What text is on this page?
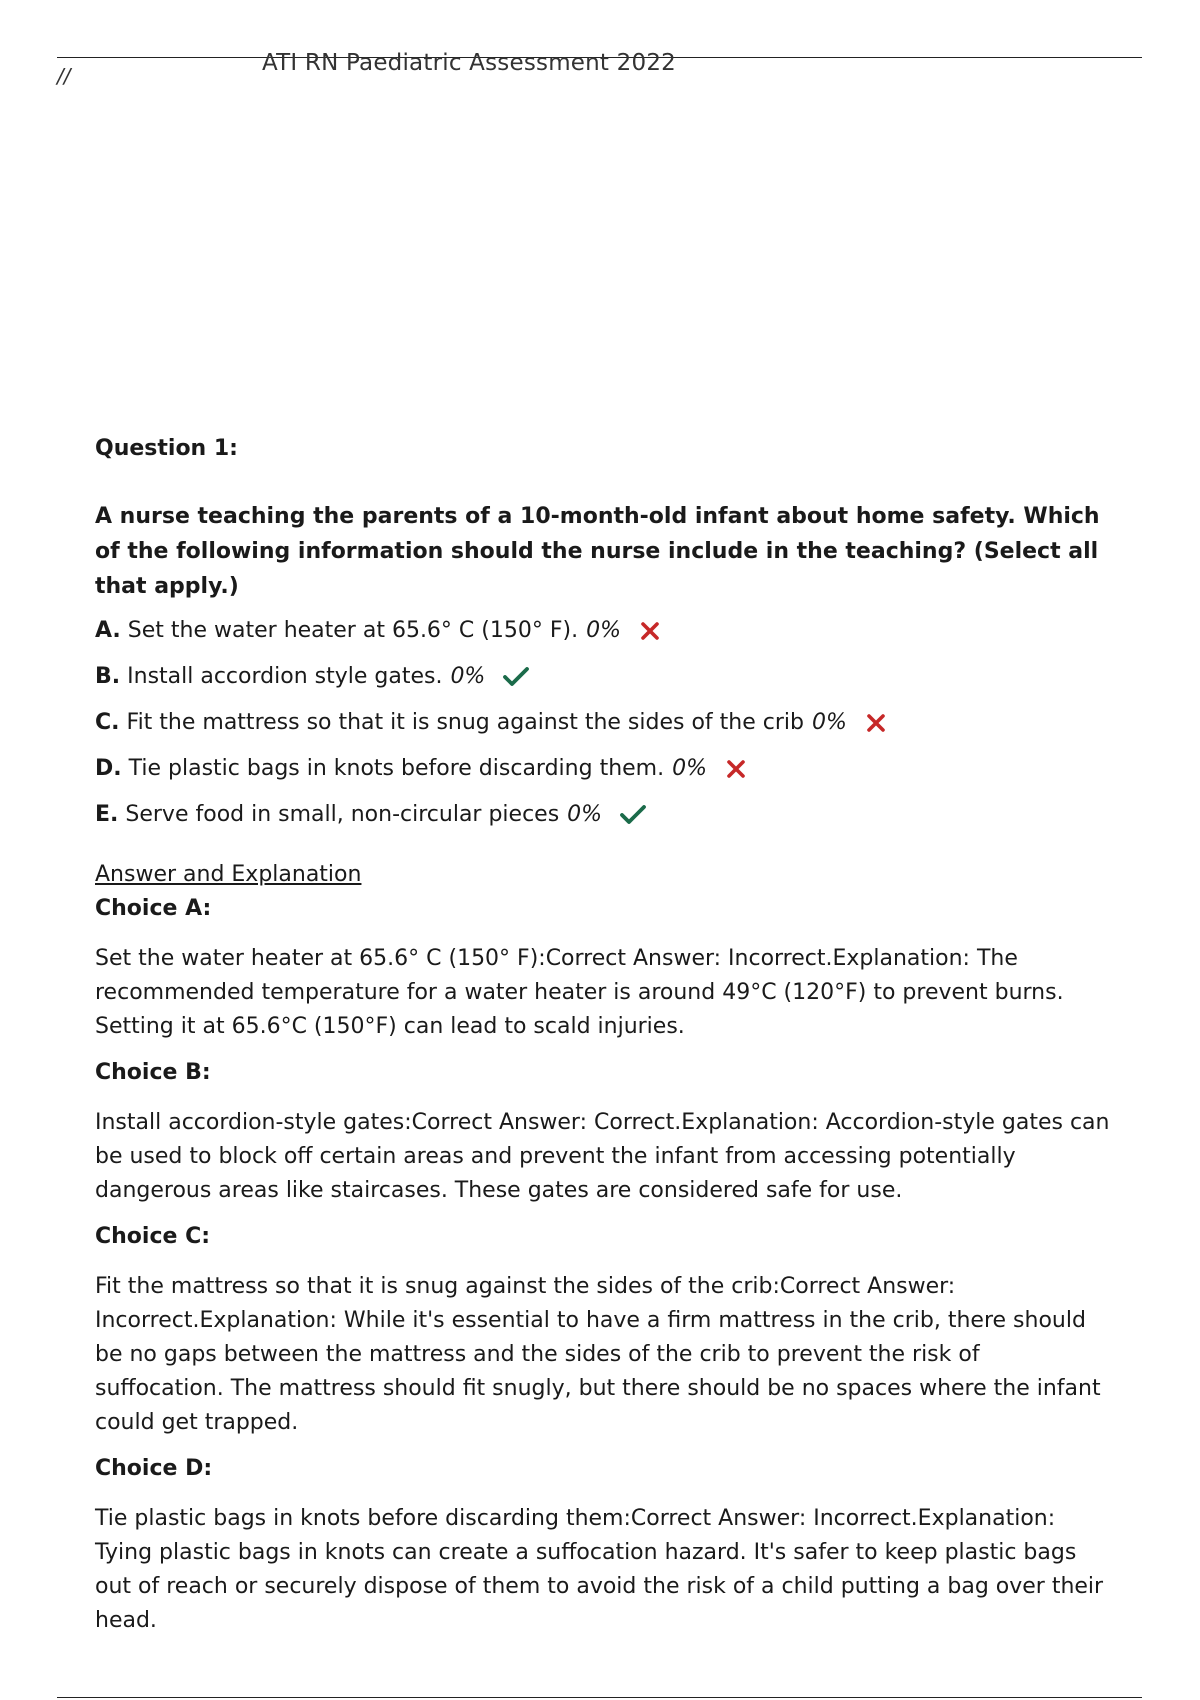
//	ATI RN Paediatric Assessment 2022
Question 1:
A nurse teaching the parents of a 10-month-old infant about home safety. Which of the following information should the nurse include in the teaching? (Select all that apply.)
A.
Set the water heater at 65.6° C (150° F). 0%
B.
Install accordion style gates. 0%
C.
Fit the mattress so that it is snug against the sides of the crib 0%
D.
Tie plastic bags in knots before discarding them. 0%
E.
Serve food in small, non-circular pieces 0%
Answer and Explanation
Choice A:
Set the water heater at 65.6° C (150° F):Correct Answer: Incorrect.Explanation: The recommended temperature for a water heater is around 49°C (120°F) to prevent burns. Setting it at 65.6°C (150°F) can lead to scald injuries.
Choice B:
Install accordion-style gates:Correct Answer: Correct.Explanation: Accordion-style gates can be used to block off certain areas and prevent the infant from accessing potentially dangerous areas like staircases. These gates are considered safe for use.
Choice C:
Fit the mattress so that it is snug against the sides of the crib:Correct Answer: Incorrect.Explanation: While it's essential to have a firm mattress in the crib, there should be no gaps between the mattress and the sides of the crib to prevent the risk of suffocation. The mattress should fit snugly, but there should be no spaces where the infant could get trapped.
Choice D:
Tie plastic bags in knots before discarding them:Correct Answer: Incorrect.Explanation: Tying plastic bags in knots can create a suffocation hazard. It's safer to keep plastic bags out of reach or securely dispose of them to avoid the risk of a child putting a bag over their head.
